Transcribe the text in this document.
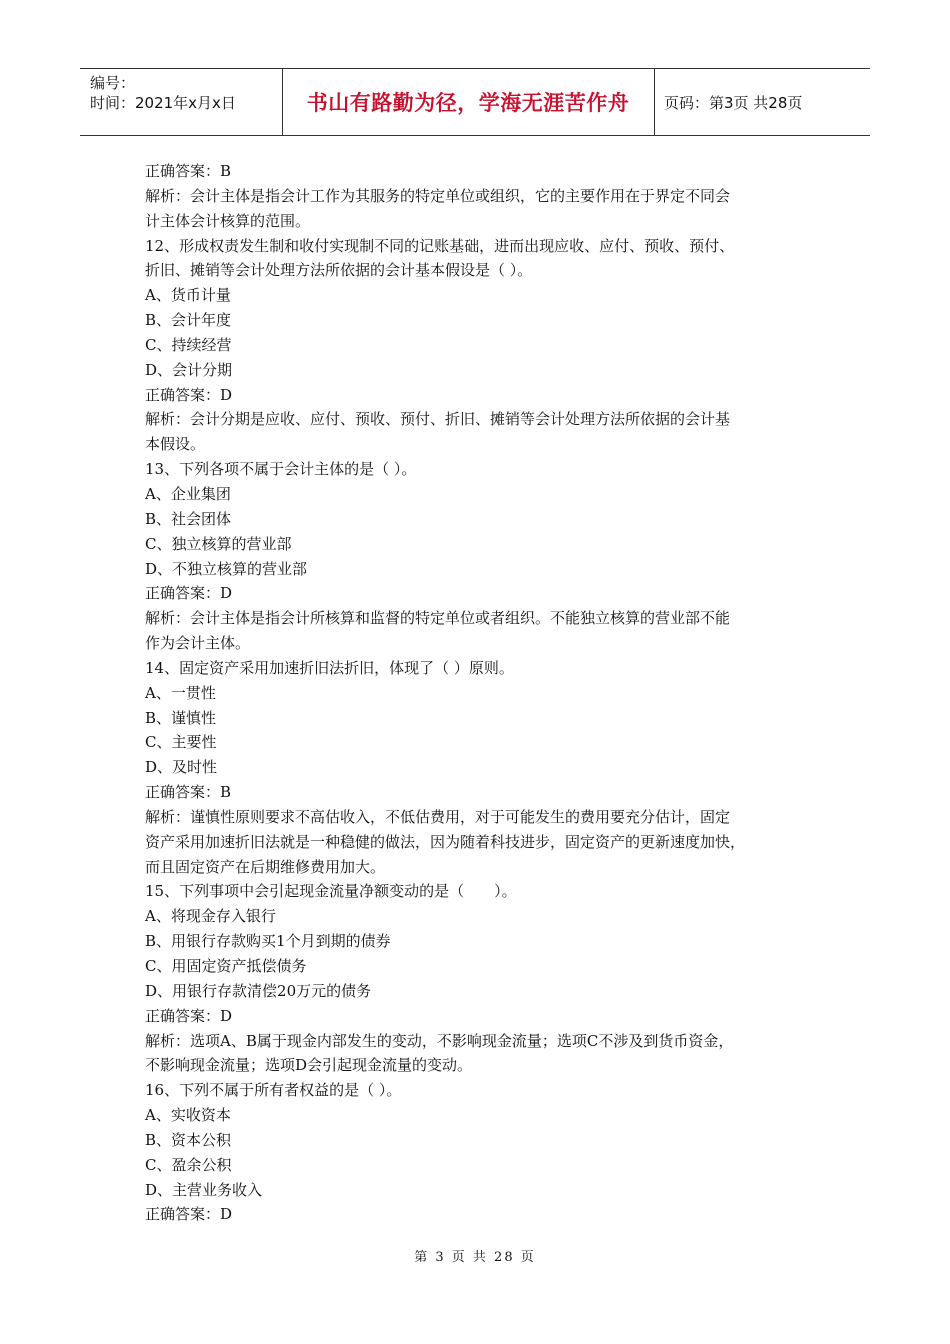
编号：
时间：2021年x月x日	书山有路勤为径，学海无涯苦作舟 页码：第3页 共28页
正确答案：B
解析：会计主体是指会计工作为其服务的特定单位或组织，它的主要作用在于界定不同会
计主体会计核算的范围。
12、形成权责发生制和收付实现制不同的记账基础，进而出现应收、应付、预收、预付、
折旧、摊销等会计处理方法所依据的会计基本假设是（ ）。
A、货币计量
B、会计年度
C、持续经营
D、会计分期
正确答案：D
解析：会计分期是应收、应付、预收、预付、折旧、摊销等会计处理方法所依据的会计基
本假设。
13、下列各项不属于会计主体的是（ ）。
A、企业集团
B、社会团体
C、独立核算的营业部
D、不独立核算的营业部
正确答案：D
解析：会计主体是指会计所核算和监督的特定单位或者组织。不能独立核算的营业部不能
作为会计主体。
14、固定资产采用加速折旧法折旧，体现了（ ）原则。
A、一贯性
B、谨慎性
C、主要性
D、及时性
正确答案：B
解析：谨慎性原则要求不高估收入，不低估费用，对于可能发生的费用要充分估计，固定
资产采用加速折旧法就是一种稳健的做法，因为随着科技进步，固定资产的更新速度加快，
而且固定资产在后期维修费用加大。
15、下列事项中会引起现金流量净额变动的是（　　）。
A、将现金存入银行
B、用银行存款购买1个月到期的债券
C、用固定资产抵偿债务
D、用银行存款清偿20万元的债务
正确答案：D
解析：选项A、B属于现金内部发生的变动，不影响现金流量；选项C不涉及到货币资金，
不影响现金流量；选项D会引起现金流量的变动。
16、下列不属于所有者权益的是（ ）。
A、实收资本
B、资本公积
C、盈余公积
D、主营业务收入
正确答案：D
第 3 页 共 28 页
